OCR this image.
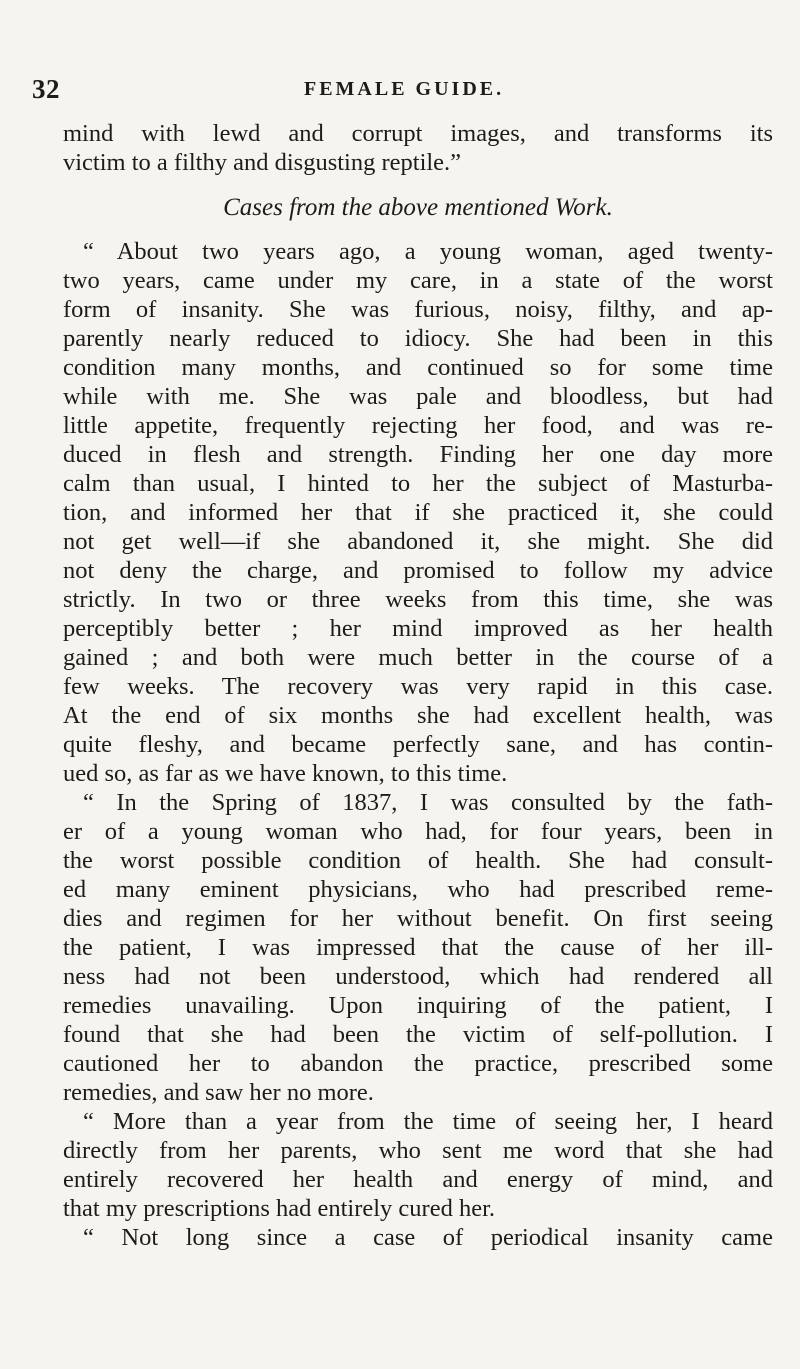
32	FEMALE GUIDE.
mind with lewd and corrupt images, and transforms its
victim to a filthy and disgusting reptile.”
Cases from the above mentioned Work.
“ About two years ago, a young woman, aged twenty-
two years, came under my care, in a state of the worst
form of insanity. She was furious, noisy, filthy, and ap-
parently nearly reduced to idiocy. She had been in this
condition many months, and continued so for some time
while with me. She was pale and bloodless, but had
little appetite, frequently rejecting her food, and was re-
duced in flesh and strength. Finding her one day more
calm than usual, I hinted to her the subject of Masturba-
tion, and informed her that if she practiced it, she could
not get well—if she abandoned it, she might. She did
not deny the charge, and promised to follow my advice
strictly. In two or three weeks from this time, she was
perceptibly better ; her mind improved as her health
gained ; and both were much better in the course of a
few weeks. The recovery was very rapid in this case.
At the end of six months she had excellent health, was
quite fleshy, and became perfectly sane, and has contin-
ued so, as far as we have known, to this time.
“ In the Spring of 1837, I was consulted by the fath-
er of a young woman who had, for four years, been in
the worst possible condition of health. She had consult-
ed many eminent physicians, who had prescribed reme-
dies and regimen for her without benefit. On first seeing
the patient, I was impressed that the cause of her ill-
ness had not been understood, which had rendered all
remedies unavailing. Upon inquiring of the patient, I
found that she had been the victim of self-pollution. I
cautioned her to abandon the practice, prescribed some
remedies, and saw her no more.
“ More than a year from the time of seeing her, I heard
directly from her parents, who sent me word that she had
entirely recovered her health and energy of mind, and
that my prescriptions had entirely cured her.
“ Not long since a case of periodical insanity came
